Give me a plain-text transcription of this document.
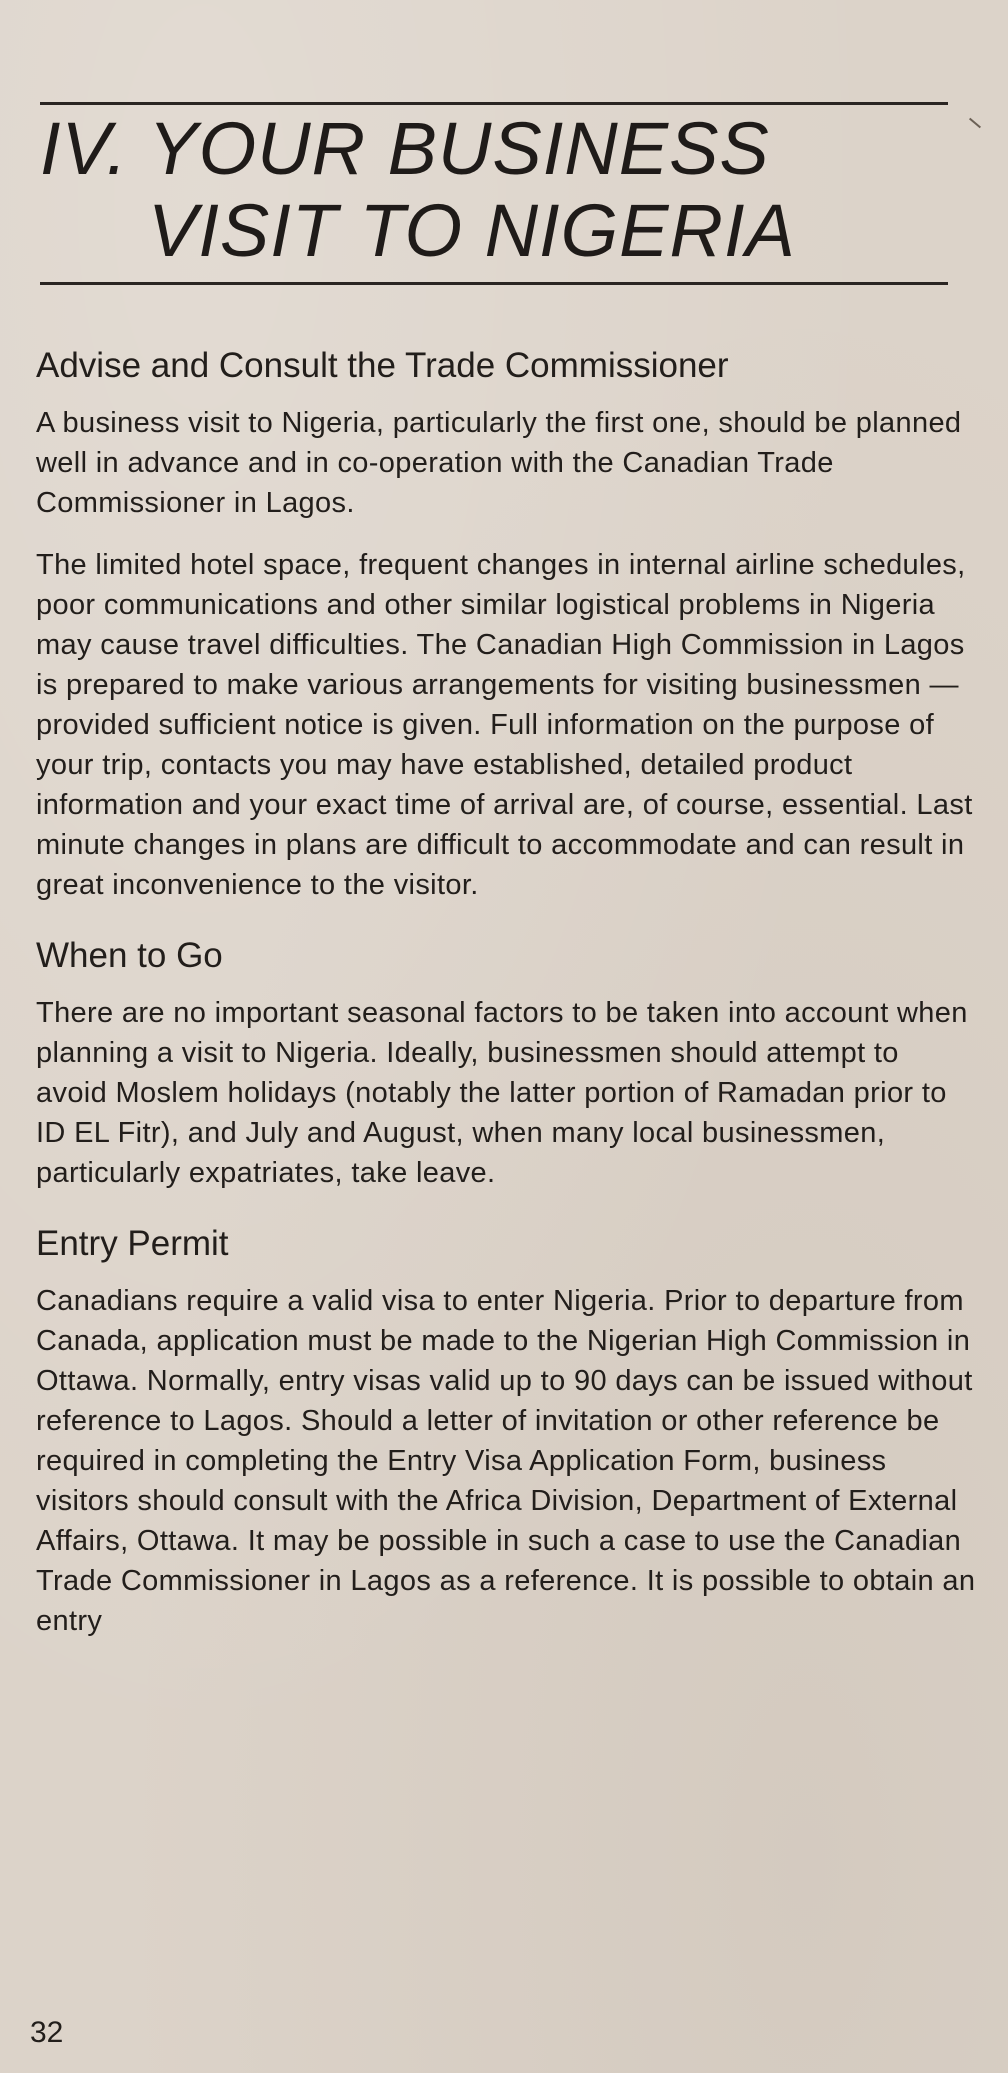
IV. YOUR BUSINESS
VISIT TO NIGERIA
Advise and Consult the Trade Commissioner

A business visit to Nigeria, particularly the first one, should be planned well in advance and in co-operation with the Canadian Trade Commissioner in Lagos.

The limited hotel space, frequent changes in internal airline schedules, poor communications and other similar logistical problems in Nigeria may cause travel difficulties. The Canadian High Commission in Lagos is prepared to make various arrangements for visiting businessmen — provided sufficient notice is given. Full information on the purpose of your trip, contacts you may have established, detailed product information and your exact time of arrival are, of course, essential. Last minute changes in plans are difficult to accommodate and can result in great inconvenience to the visitor.

When to Go

There are no important seasonal factors to be taken into account when planning a visit to Nigeria. Ideally, businessmen should attempt to avoid Moslem holidays (notably the latter portion of Ramadan prior to ID EL Fitr), and July and August, when many local businessmen, particularly expatriates, take leave.

Entry Permit

Canadians require a valid visa to enter Nigeria. Prior to departure from Canada, application must be made to the Nigerian High Commission in Ottawa. Normally, entry visas valid up to 90 days can be issued without reference to Lagos. Should a letter of invitation or other reference be required in completing the Entry Visa Application Form, business visitors should consult with the Africa Division, Department of External Affairs, Ottawa. It may be possible in such a case to use the Canadian Trade Commissioner in Lagos as a reference. It is possible to obtain an entry

32
